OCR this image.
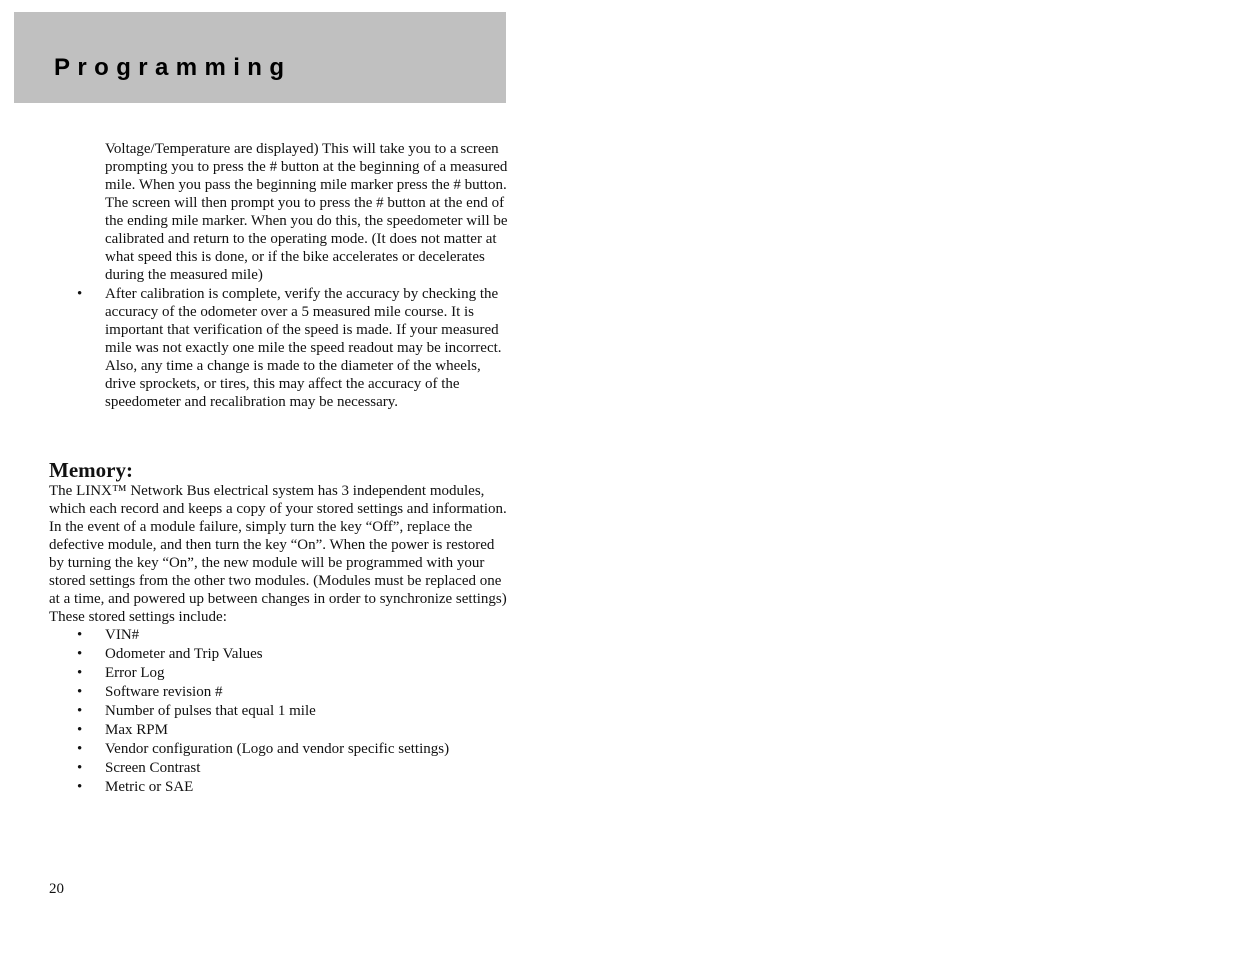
Programming

Voltage/Temperature are displayed) This will take you to a screen prompting you to press the # button at the beginning of a measured mile. When you pass the beginning mile marker press the # button. The screen will then prompt you to press the # button at the end of the ending mile marker. When you do this, the speedometer will be calibrated and return to the operating mode. (It does not matter at what speed this is done, or if the bike accelerates or decelerates during the measured mile)

•	After calibration is complete, verify the accuracy by checking the accuracy of the odometer over a 5 measured mile course. It is important that verification of the speed is made. If your measured mile was not exactly one mile the speed readout may be incorrect. Also, any time a change is made to the diameter of the wheels, drive sprockets, or tires, this may affect the accuracy of the speedometer and recalibration may be necessary.
Memory:

The LINX™ Network Bus electrical system has 3 independent modules, which each record and keeps a copy of your stored settings and information. In the event of a module failure, simply turn the key “Off”, replace the defective module, and then turn the key “On”. When the power is restored by turning the key “On”, the new module will be programmed with your stored settings from the other two modules. (Modules must be replaced one at a time, and powered up between changes in order to synchronize settings) These stored settings include:

•	VIN#
•	Odometer and Trip Values
•	Error Log
•	Software revision #
•	Number of pulses that equal 1 mile
•	Max RPM
•	Vendor configuration (Logo and vendor specific settings)
•	Screen Contrast
•	Metric or SAE
20
